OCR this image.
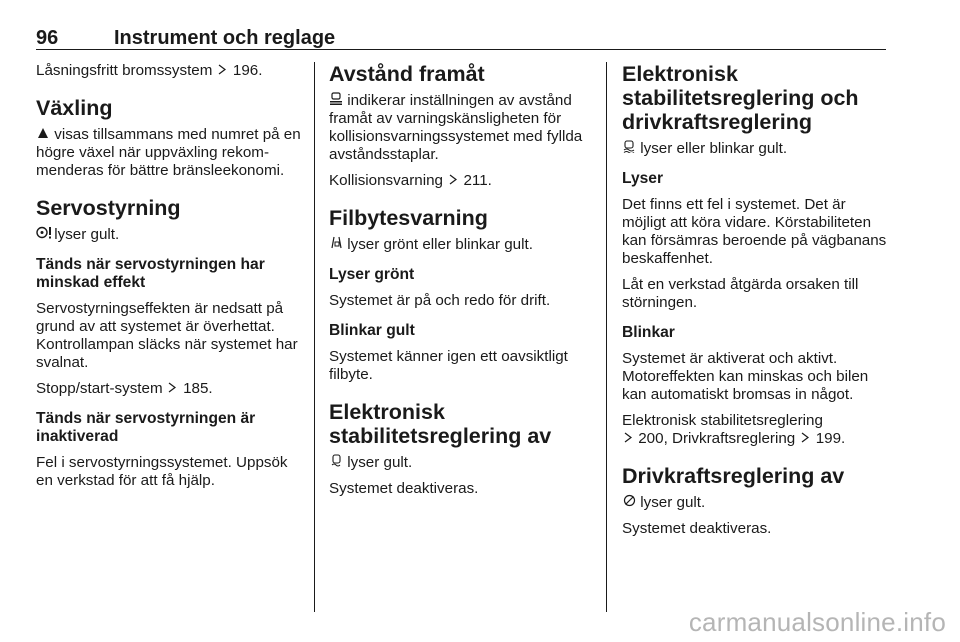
96	Instrument och reglage

Låsningsfritt bromssystem 196.

Växling

visas tillsammans med numret på en högre växel när uppväxling rekommenderas för bättre bränsleekonomi.

Servostyrning

lyser gult.

Tänds när servostyrningen har minskad effekt

Servostyrningseffekten är nedsatt på grund av att systemet är överhettat. Kontrollampan släcks när systemet har svalnat.

Stopp/start-system 185.

Tänds när servostyrningen är inaktiverad

Fel i servostyrningssystemet. Uppsök en verkstad för att få hjälp.

Avstånd framåt

indikerar inställningen av avstånd framåt av varningskänsligheten för kollisionsvarningssystemet med fyllda avståndsstaplar.

Kollisionsvarning 211.

Filbytesvarning

lyser grönt eller blinkar gult.

Lyser grönt

Systemet är på och redo för drift.

Blinkar gult

Systemet känner igen ett oavsiktligt filbyte.

Elektronisk stabilitetsreglering av

lyser gult.

Systemet deaktiveras.

Elektronisk stabilitetsreglering och drivkraftsreglering

lyser eller blinkar gult.

Lyser

Det finns ett fel i systemet. Det är möjligt att köra vidare. Körstabiliteten kan försämras beroende på vägbanans beskaffenhet.

Låt en verkstad åtgärda orsaken till störningen.

Blinkar

Systemet är aktiverat och aktivt. Motoreffekten kan minskas och bilen kan automatiskt bromsas in något.

Elektronisk stabilitetsreglering
200, Drivkraftsreglering 199.

Drivkraftsreglering av

lyser gult.

Systemet deaktiveras.

carmanualsonline.info
